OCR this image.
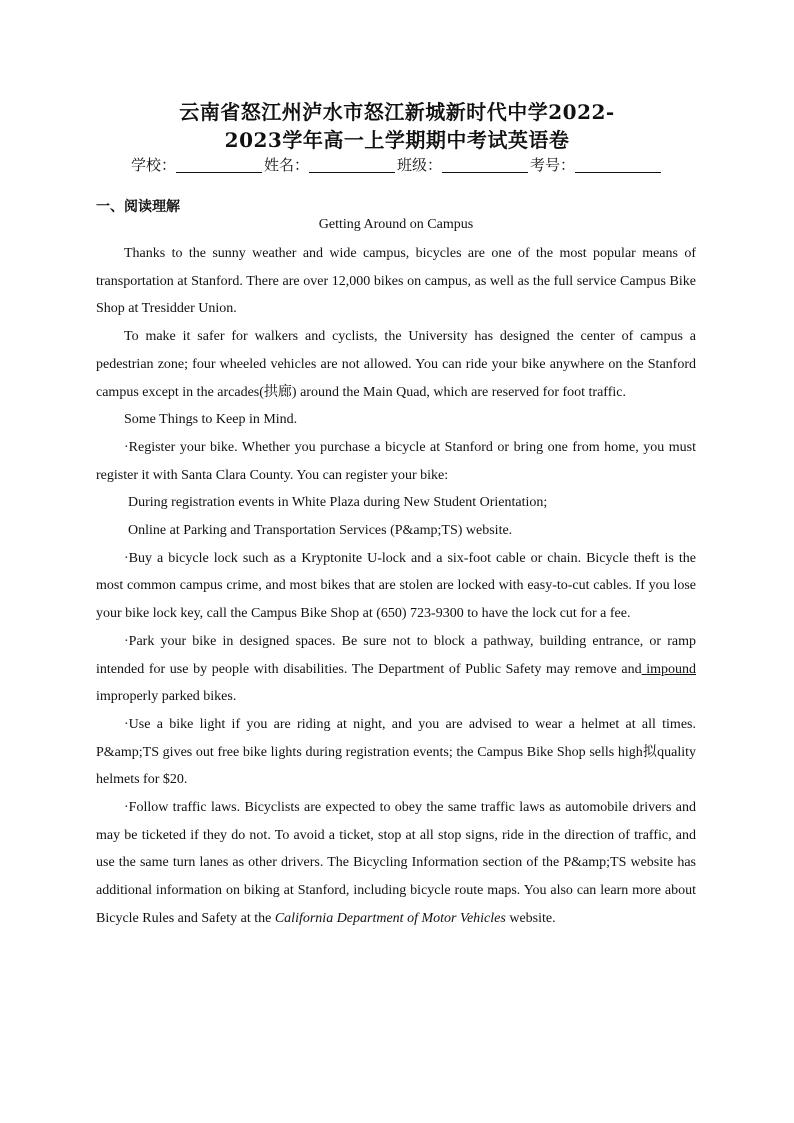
云南省怒江州泸水市怒江新城新时代中学2022-
2023学年高一上学期期中考试英语卷
学校：	姓名：	班级：	考号：
一、阅读理解
Getting Around on Campus

Thanks to the sunny weather and wide campus, bicycles are one of the most popular means of transportation at Stanford. There are over 12,000 bikes on campus, as well as the full service Campus Bike Shop at Tresidder Union.

To make it safer for walkers and cyclists, the University has designed the center of campus a pedestrian zone; four wheeled vehicles are not allowed. You can ride your bike anywhere on the Stanford campus except in the arcades(拱廊) around the Main Quad, which are reserved for foot traffic.

Some Things to Keep in Mind.

·Register your bike. Whether you purchase a bicycle at Stanford or bring one from home, you must register it with Santa Clara County. You can register your bike:

During registration events in White Plaza during New Student Orientation;

Online at Parking and Transportation Services (P&amp;TS) website.

·Buy a bicycle lock such as a Kryptonite U-lock and a six-foot cable or chain. Bicycle theft is the most common campus crime, and most bikes that are stolen are locked with easy-to-cut cables. If you lose your bike lock key, call the Campus Bike Shop at (650) 723-9300 to have the lock cut for a fee.

·Park your bike in designed spaces. Be sure not to block a pathway, building entrance, or ramp intended for use by people with disabilities. The Department of Public Safety may remove and impound improperly parked bikes.

·Use a bike light if you are riding at night, and you are advised to wear a helmet at all times. P&amp;TS gives out free bike lights during registration events; the Campus Bike Shop sells high拟quality helmets for $20.

·Follow traffic laws. Bicyclists are expected to obey the same traffic laws as automobile drivers and may be ticketed if they do not. To avoid a ticket, stop at all stop signs, ride in the direction of traffic, and use the same turn lanes as other drivers. The Bicycling Information section of the P&amp;TS website has additional information on biking at Stanford, including bicycle route maps. You also can learn more about Bicycle Rules and Safety at the California Department of Motor Vehicles website.
